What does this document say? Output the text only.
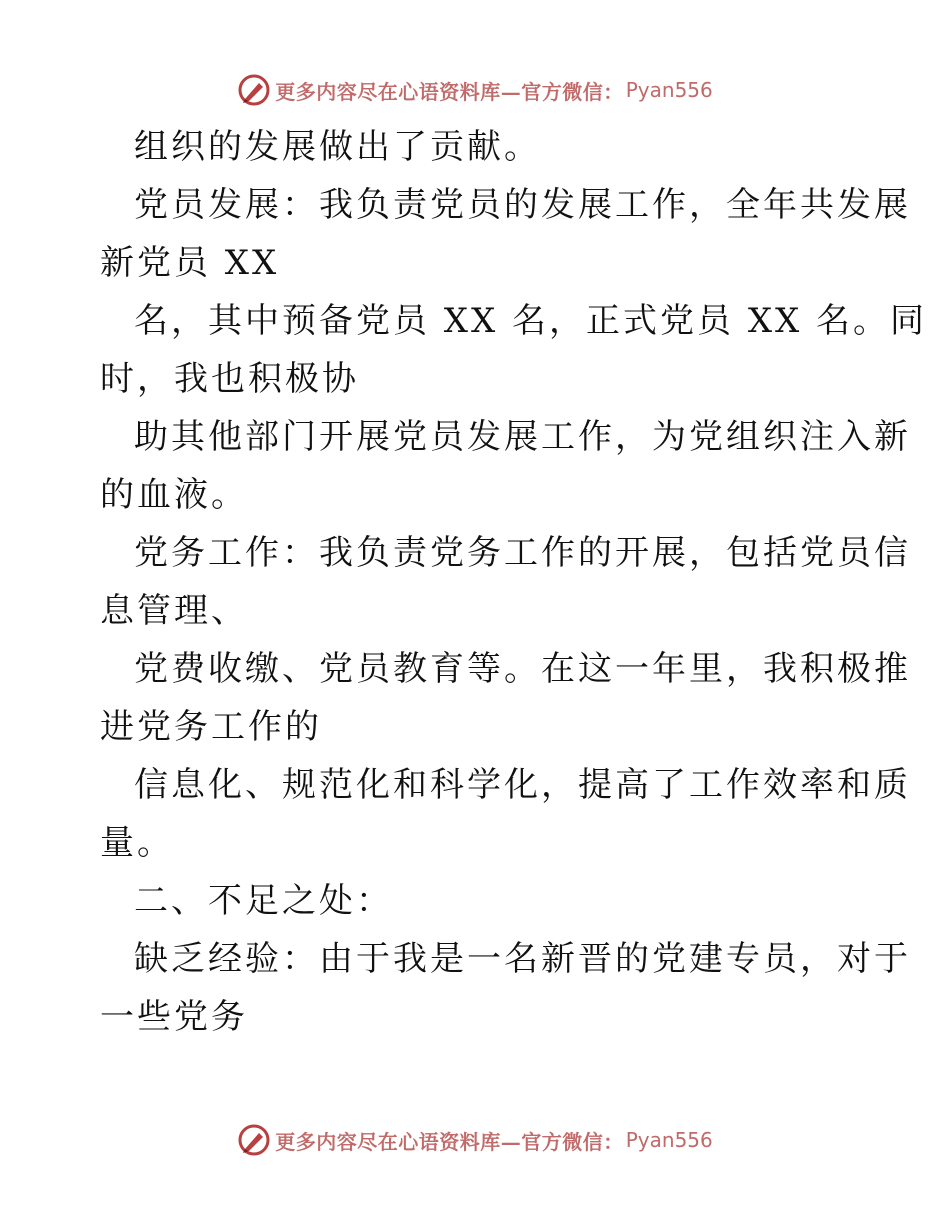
更多内容尽在心语资料库—官方微信： Pyan556
组织的发展做出了贡献。
党员发展：我负责党员的发展工作，全年共发展
新党员 XX
名，其中预备党员 XX 名，正式党员 XX 名。同
时，我也积极协
助其他部门开展党员发展工作，为党组织注入新
的血液。
党务工作：我负责党务工作的开展，包括党员信
息管理、
党费收缴、党员教育等。在这一年里，我积极推
进党务工作的
信息化、规范化和科学化，提高了工作效率和质
量。
二、不足之处：
缺乏经验：由于我是一名新晋的党建专员，对于
一些党务
更多内容尽在心语资料库—官方微信： Pyan556
